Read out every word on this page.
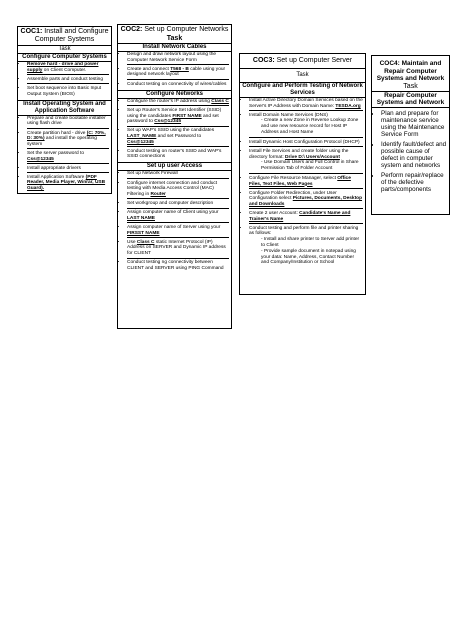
COC1: Install and Configure Computer Systems
Task
Configure Computer Systems
• Remove hard - drive and power supply on Client Computer.
• Assemble parts and conduct testing
• Set boot sequence into Basic Input Output System (BIOS)
Install Operating System and Application Software
• Prepare and create bootable installer using flash drive
• Create partition hard - drive (C: 70%, D: 30%) and install the operating system
• Set the server password to Css@12345
• Install appropriate drivers
• Install Application Software (PDF Reader, Media Player, Winrar, USB Guard).
COC2: Set up Computer Networks
Task
Install Network Cables
• Design and draw network layout using the Computer Network Service Form
• Create and connect T568 - B cable using your designed network layout
• Conduct testing on connectivity of wires/cables
Configure Networks
• Configure the router's IP address using Class C
• Set up Router's Service Set Identifier (SSID) using the candidates FIRST NAME and set password to Css@12345
• Set up WAP's SSID using the candidates LAST_NAME and set Password to Css@12345
• Conduct testing on router's SSID and WAP's SSID connections
Set up user Access
• Set up Network Firewall
• Configure internet connection and conduct testing with Media Access Control (MAC) Filtering in Router
• Set workgroup and computer description
• Assign computer name of Client using your LAST NAME
• Assign computer name of Server using your FIRSST NAME
• Use Class C static Internet Protocol (IP) Address on SERVER and Dynamic IP address for CLIENT
• Conduct testing ng connectivity between CLIENT and SERVER using PING Command
COC3: Set up Computer Server
Task
Configure and Perform Testing of Network Services
• Install Active Directory Domain Services based on the Server's IP Address with Domain Name: TESDA.org
• Install Domain Name Services (DNS)
- Create a new Zone in Reverse Lookup Zone and use new resource record for Host IP Address and Host Name
• Install Dynamic Host Configuration Protocol (DHCP)
• Install File Services and create folder using the directory format: Drive D:\ Users/Account
- Use Domain Users and Full Control in Share Permission Tab of Folder Account
• Configure File Resource Manager, select Office Files, Text Files, Web Pages
• Configure Folder Redirection, under User Configuration select Pictures, Documents, Desktop and Downloads
• Create 2 user Account: Candidate's Name and Trainer's Name
• Conduct testing and perform file and printer sharing as follows:
- Install and share printer to Server add printer to Client
- Provide sample document in notepad using your data: Name, Address, Contact Number and Company/Institution or School
COC4: Maintain and Repair Computer Systems and Network
Task
Repair Computer Systems and Network
• Plan and prepare for maintenance service using the Maintenance Service Form
• Identify fault/defect and possible cause of defect in computer system and networks
• Perform repair/replace of the defective parts/components
